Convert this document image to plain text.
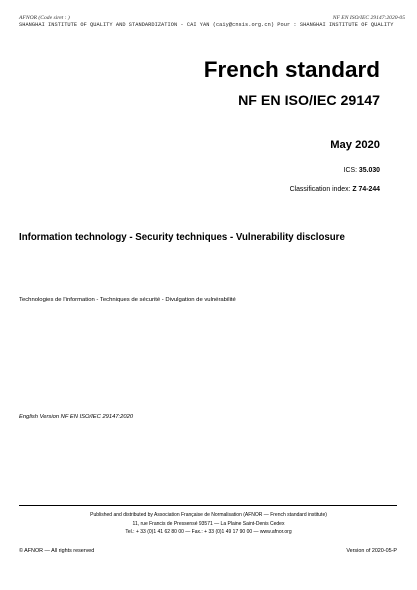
AFNOR (Code siret : )	NF EN ISO/IEC 29147:2020-05
SHANGHAI INSTITUTE OF QUALITY AND STANDARDIZATION - CAI YAN (caiy@cnsis.org.cn) Pour : SHANGHAI INSTITUTE OF QUALITY
French standard
NF EN ISO/IEC 29147
May 2020
ICS: 35.030
Classification index: Z 74-244
Information technology - Security techniques - Vulnerability disclosure
Technologies de l'information - Techniques de sécurité - Divulgation de vulnérabilité
English Version NF EN ISO/IEC 29147:2020
Published and distributed by Association Française de Normalisation (AFNOR — French standard institute)
11, rue Francis de Pressensé 93571 — La Plaine Saint-Denis Cedex
Tel.: + 33 (0)1 41 62 80 00 — Fax.: + 33 (0)1 49 17 90 00 — www.afnor.org
© AFNOR — All rights reserved	Version of 2020-05-P
